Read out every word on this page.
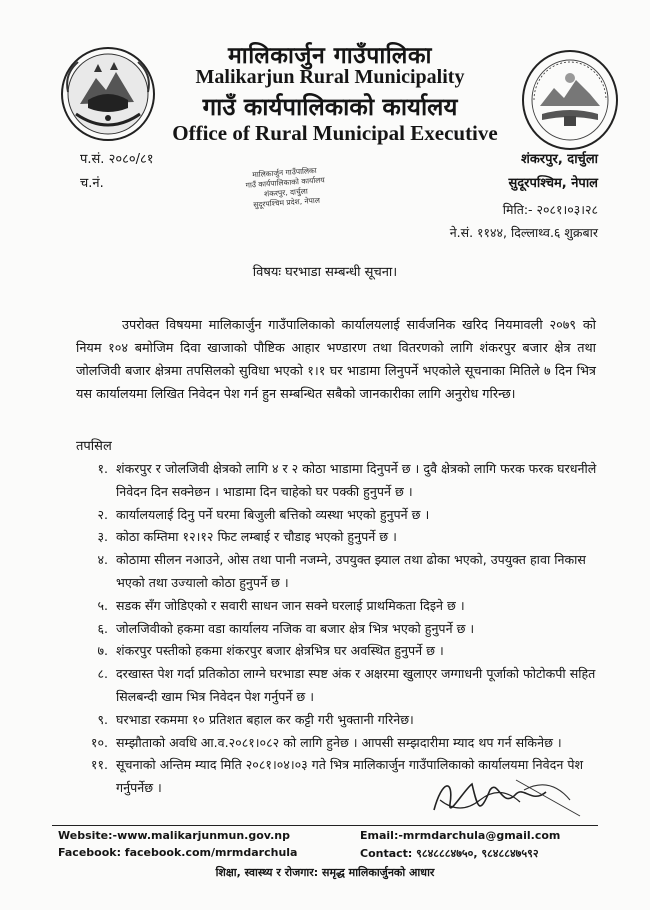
मालिकार्जुन गाउँपालिका
Malikarjun Rural Municipality
गाउँ कार्यपालिकाको कार्यालय
Office of Rural Municipal Executive
प.सं. २०८०/८१
च.नं.
शंकरपुर, दार्चुला
सुदूरपश्चिम, नेपाल
मालिकार्जुन गाउँपालिका
गाउँ कार्यपालिकाको कार्यालय
शंकरपुर, दार्चुला
सुदूरपश्चिम प्रदेश, नेपाल	मिति:- २०८१।०३।२८
ने.सं. ११४४, दिल्लाथ्व.६ शुक्रबार
विषयः घरभाडा सम्बन्धी सूचना।
उपरोक्त विषयमा मालिकार्जुन गाउँपालिकाको कार्यालयलाई सार्वजनिक खरिद नियमावली २०७९ को नियम १०४ बमोजिम दिवा खाजाको पौष्टिक आहार भण्डारण तथा वितरणको लागि शंकरपुर बजार क्षेत्र तथा जोलजिवी बजार क्षेत्रमा तपसिलको सुविधा भएको १।१ घर भाडामा लिनुपर्ने भएकोले सूचनाका मितिले ७ दिन भित्र यस कार्यालयमा लिखित निवेदन पेश गर्न हुन सम्बन्धित सबैको जानकारीका लागि अनुरोध गरिन्छ।
तपसिल
१. शंकरपुर र जोलजिवी क्षेत्रको लागि ४ र २ कोठा भाडामा दिनुपर्ने छ । दुवै क्षेत्रको लागि फरक फरक घरधनीले निवेदन दिन सक्नेछन । भाडामा दिन चाहेको घर पक्की हुनुपर्ने छ ।
२. कार्यालयलाई दिनु पर्ने घरमा बिजुली बत्तिको व्यस्था भएको हुनुपर्ने छ ।
३. कोठा कम्तिमा १२।१२ फिट लम्बाई र चौडाइ भएको हुनुपर्ने छ ।
४. कोठामा सीलन नआउने, ओस तथा पानी नजम्ने, उपयुक्त झ्याल तथा ढोका भएको, उपयुक्त हावा निकास भएको तथा उज्यालो कोठा हुनुपर्ने छ ।
५. सडक सँग जोडिएको र सवारी साधन जान सक्ने घरलाई प्राथमिकता दिइने छ ।
६. जोलजिवीको हकमा वडा कार्यालय नजिक वा बजार क्षेत्र भित्र भएको हुनुपर्ने छ ।
७. शंकरपुर पस्तीको हकमा शंकरपुर बजार क्षेत्रभित्र घर अवस्थित हुनुपर्ने छ ।
८. दरखास्त पेश गर्दा प्रतिकोठा लाग्ने घरभाडा स्पष्ट अंक र अक्षरमा खुलाएर जग्गाधनी पूर्जाको फोटोकपी सहित सिलबन्दी खाम भित्र निवेदन पेश गर्नुपर्ने छ ।
९. घरभाडा रकममा १० प्रतिशत बहाल कर कट्टी गरी भुक्तानी गरिनेछ।
१०. सम्झौताको अवधि आ.व.२०८१।०८२ को लागि हुनेछ । आपसी सम्झदारीमा म्याद थप गर्न सकिनेछ ।
११. सूचनाको अन्तिम म्याद मिति २०८१।०४।०३ गते भित्र मालिकार्जुन गाउँपालिकाको कार्यालयमा निवेदन पेश गर्नुपर्नेछ ।
Website:-www.malikarjunmun.gov.np
Facebook: facebook.com/mrmdarchula
Email:-mrmdarchula@gmail.com
Contact: ९८४८८८४७५०, ९८४८८४७५९२
शिक्षा, स्वास्थ्य र रोजगार: समृद्ध मालिकार्जुनको आधार
